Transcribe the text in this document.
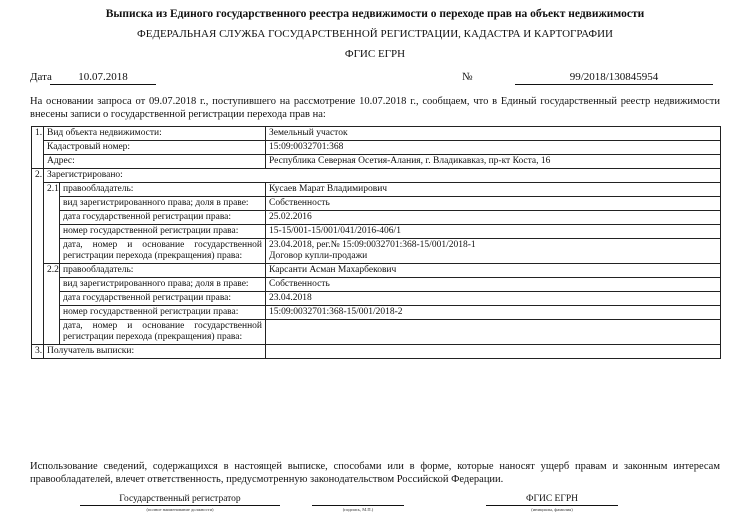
Выписка из Единого государственного реестра недвижимости о переходе прав на объект недвижимости
ФЕДЕРАЛЬНАЯ СЛУЖБА ГОСУДАРСТВЕННОЙ РЕГИСТРАЦИИ, КАДАСТРА И КАРТОГРАФИИ
ФГИС ЕГРН
Дата	10.07.2018	№	99/2018/130845954
На основании запроса от 09.07.2018 г., поступившего на рассмотрение 10.07.2018 г., сообщаем, что в Единый государственный реестр недвижимости внесены записи о государственной регистрации перехода прав на:
1.	Вид объекта недвижимости:		Земельный участок
	Кадастровый номер:		15:09:0032701:368
	Адрес:		Республика Северная Осетия-Алания, г. Владикавказ, пр-кт Коста, 16
2.	Зарегистрировано:		
	2.1	правообладатель:	Кусаев Марат Владимирович
		вид зарегистрированного права; доля в праве:	Собственность
		дата государственной регистрации права:	25.02.2016
		номер государственной регистрации права:	15-15/001-15/001/041/2016-406/1
		дата, номер и основание государственной регистрации перехода (прекращения) права:	23.04.2018, рег.№ 15:09:0032701:368-15/001/2018-1
Договор купли-продажи

	2.2	правообладатель:	Карсанти Асман Махарбекович
		вид зарегистрированного права; доля в праве:	Собственность
		дата государственной регистрации права:	23.04.2018
		номер государственной регистрации права:	15:09:0032701:368-15/001/2018-2
		дата, номер и основание государственной регистрации перехода (прекращения) права:	
3.	Получатель выписки:		
Использование сведений, содержащихся в настоящей выписке, способами или в форме, которые наносят ущерб правам и законным интересам правообладателей, влечет ответственность, предусмотренную законодательством Российской Федерации.
Государственный регистратор
(полное наименование должности)	(подпись, М.П.)
ФГИС ЕГРН
(инициалы, фамилия)
